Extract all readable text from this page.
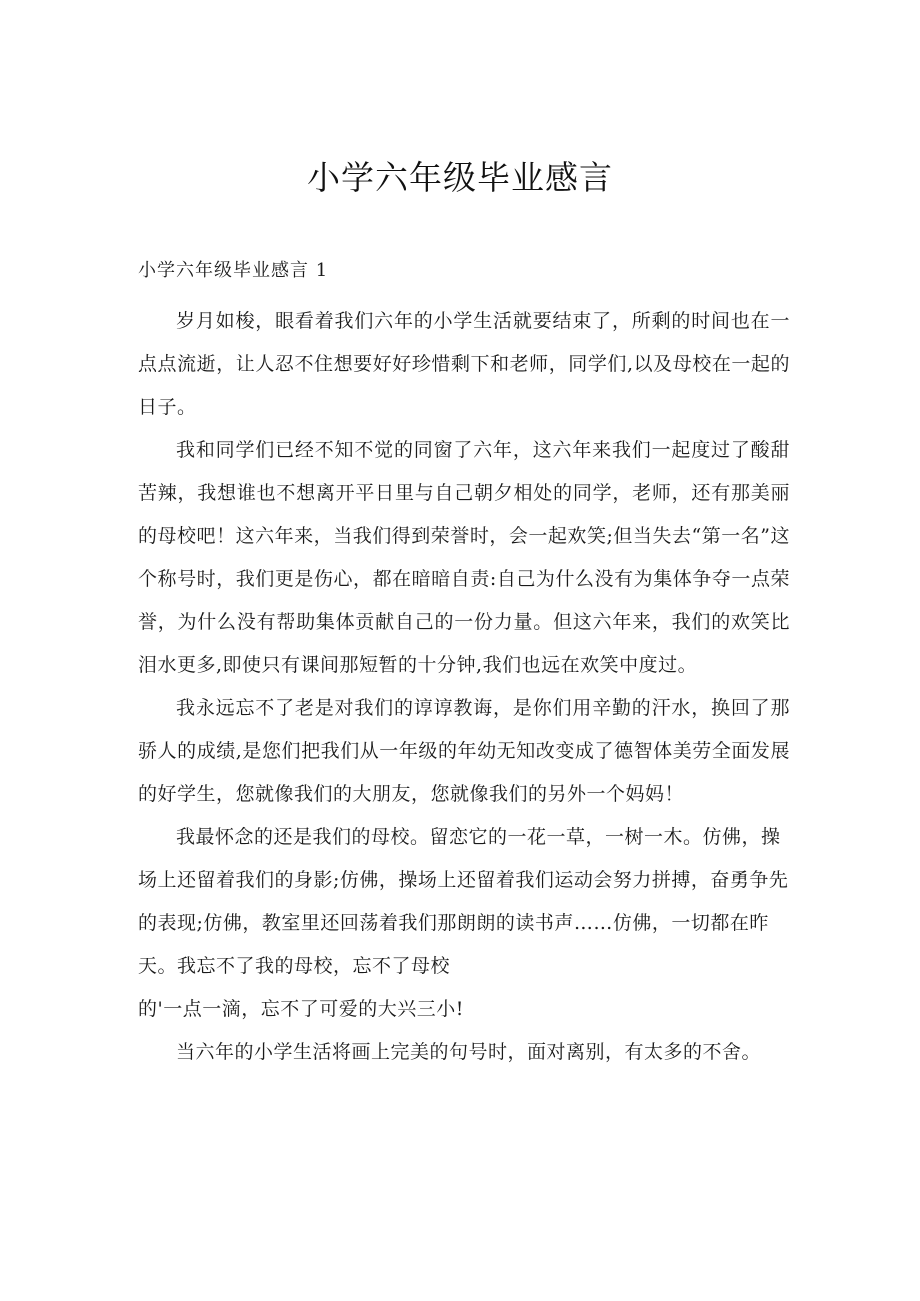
小学六年级毕业感言

小学六年级毕业感言 1

岁月如梭，眼看着我们六年的小学生活就要结束了，所剩的时间也在一点点流逝，让人忍不住想要好好珍惜剩下和老师，同学们,以及母校在一起的日子。

我和同学们已经不知不觉的同窗了六年，这六年来我们一起度过了酸甜苦辣，我想谁也不想离开平日里与自己朝夕相处的同学，老师，还有那美丽的母校吧！这六年来，当我们得到荣誉时，会一起欢笑;但当失去“第一名”这个称号时，我们更是伤心，都在暗暗自责:自己为什么没有为集体争夺一点荣誉，为什么没有帮助集体贡献自己的一份力量。但这六年来，我们的欢笑比泪水更多,即使只有课间那短暂的十分钟,我们也远在欢笑中度过。

我永远忘不了老是对我们的谆谆教诲，是你们用辛勤的汗水，换回了那骄人的成绩,是您们把我们从一年级的年幼无知改变成了德智体美劳全面发展的好学生，您就像我们的大朋友，您就像我们的另外一个妈妈！

我最怀念的还是我们的母校。留恋它的一花一草，一树一木。仿佛，操场上还留着我们的身影;仿佛，操场上还留着我们运动会努力拼搏，奋勇争先的表现;仿佛，教室里还回荡着我们那朗朗的读书声……仿佛，一切都在昨天。我忘不了我的母校，忘不了母校

的'一点一滴，忘不了可爱的大兴三小!

当六年的小学生活将画上完美的句号时，面对离别，有太多的不舍。
